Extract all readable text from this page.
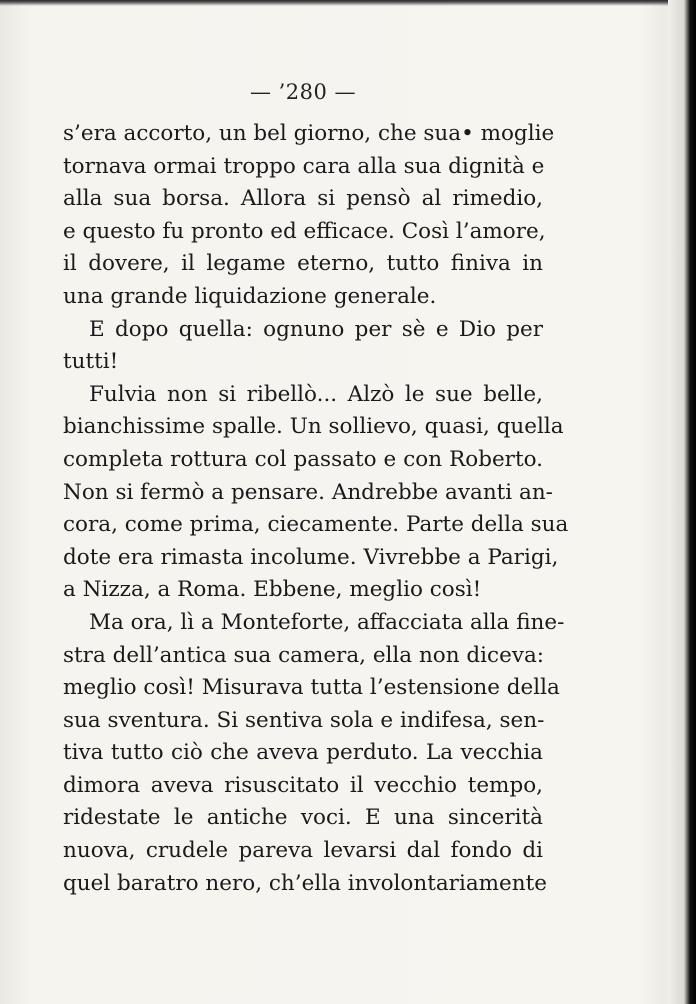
— ’280 —
s’era accorto, un bel giorno, che sua• moglie
tornava ormai troppo cara alla sua dignità e
alla sua borsa. Allora si pensò al rimedio,
e questo fu pronto ed efficace. Così l’amore,
il dovere, il legame eterno, tutto finiva in
una grande liquidazione generale.
E dopo quella: ognuno per sè e Dio per
tutti!
Fulvia non si ribellò... Alzò le sue belle,
bianchissime spalle. Un sollievo, quasi, quella
completa rottura col passato e con Roberto.
Non si fermò a pensare. Andrebbe avanti an-
cora, come prima, ciecamente. Parte della sua
dote era rimasta incolume. Vivrebbe a Parigi,
a Nizza, a Roma. Ebbene, meglio così!
Ma ora, lì a Monteforte, affacciata alla fine-
stra dell’antica sua camera, ella non diceva:
meglio così! Misurava tutta l’estensione della
sua sventura. Si sentiva sola e indifesa, sen-
tiva tutto ciò che aveva perduto. La vecchia
dimora aveva risuscitato il vecchio tempo,
ridestate le antiche voci. E una sincerità
nuova, crudele pareva levarsi dal fondo di
quel baratro nero, ch’ella involontariamente
